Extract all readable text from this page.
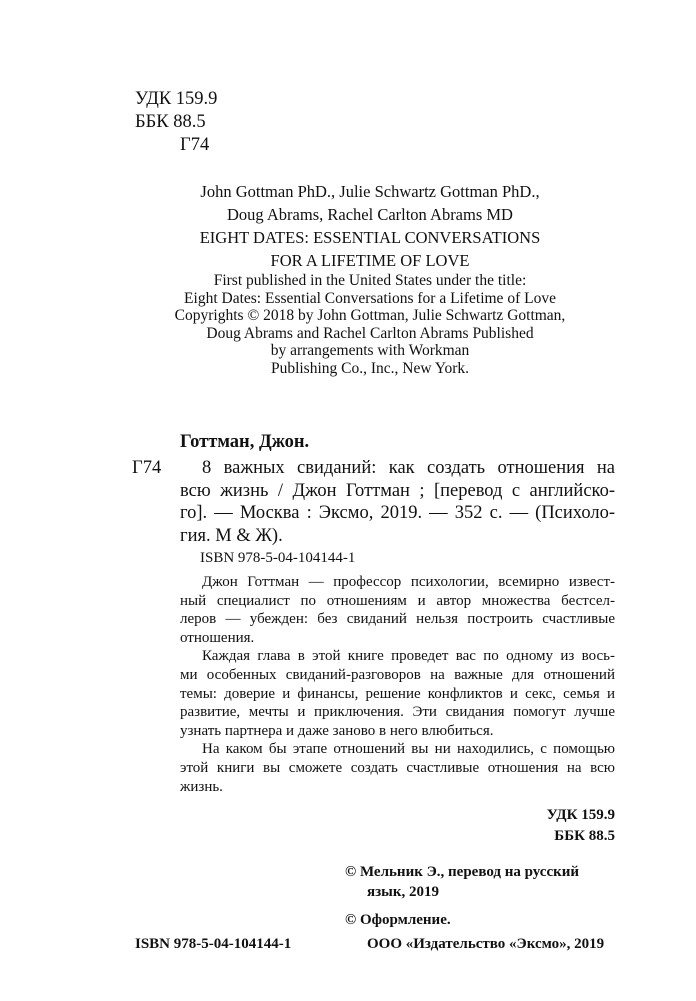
УДК 159.9
ББК 88.5
Г74
John Gottman PhD., Julie Schwartz Gottman PhD.,
Doug Abrams, Rachel Carlton Abrams MD
EIGHT DATES: ESSENTIAL CONVERSATIONS
FOR A LIFETIME OF LOVE
First published in the United States under the title:
Eight Dates: Essential Conversations for a Lifetime of Love
Copyrights © 2018 by John Gottman, Julie Schwartz Gottman,
Doug Abrams and Rachel Carlton Abrams Published
by arrangements with Workman
Publishing Co., Inc., New York.
Готтман, Джон.
Г74	8 важных свиданий: как создать отношения на
всю жизнь / Джон Готтман ; [перевод с английско-
го]. — Москва : Эксмо, 2019. — 352 с. — (Психоло-
гия. М & Ж).
ISBN 978-5-04-104144-1
Джон Готтман — профессор психологии, всемирно извест-
ный специалист по отношениям и автор множества бестсел-
леров — убежден: без свиданий нельзя построить счастливые
отношения.
Каждая глава в этой книге проведет вас по одному из вось-
ми особенных свиданий-разговоров на важные для отношений
темы: доверие и финансы, решение конфликтов и секс, семья и
развитие, мечты и приключения. Эти свидания помогут лучше
узнать партнера и даже заново в него влюбиться.
На каком бы этапе отношений вы ни находились, с помощью
этой книги вы сможете создать счастливые отношения на всю
жизнь.
УДК 159.9
ББК 88.5
ISBN 978-5-04-104144-1
© Мельник Э., перевод на русский
язык, 2019
© Оформление.
ООО «Издательство «Эксмо», 2019
